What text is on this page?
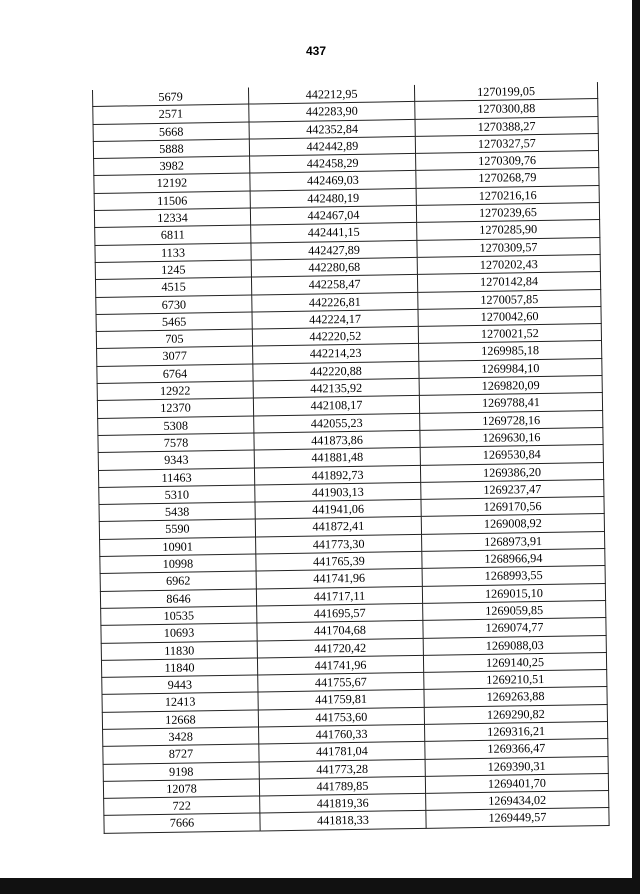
437
5679	442212,95	1270199,05
2571	442283,90	1270300,88
5668	442352,84	1270388,27
5888	442442,89	1270327,57
3982	442458,29	1270309,76
12192	442469,03	1270268,79
11506	442480,19	1270216,16
12334	442467,04	1270239,65
6811	442441,15	1270285,90
1133	442427,89	1270309,57
1245	442280,68	1270202,43
4515	442258,47	1270142,84
6730	442226,81	1270057,85
5465	442224,17	1270042,60
705	442220,52	1270021,52
3077	442214,23	1269985,18
6764	442220,88	1269984,10
12922	442135,92	1269820,09
12370	442108,17	1269788,41
5308	442055,23	1269728,16
7578	441873,86	1269630,16
9343	441881,48	1269530,84
11463	441892,73	1269386,20
5310	441903,13	1269237,47
5438	441941,06	1269170,56
5590	441872,41	1269008,92
10901	441773,30	1268973,91
10998	441765,39	1268966,94
6962	441741,96	1268993,55
8646	441717,11	1269015,10
10535	441695,57	1269059,85
10693	441704,68	1269074,77
11830	441720,42	1269088,03
11840	441741,96	1269140,25
9443	441755,67	1269210,51
12413	441759,81	1269263,88
12668	441753,60	1269290,82
3428	441760,33	1269316,21
8727	441781,04	1269366,47
9198	441773,28	1269390,31
12078	441789,85	1269401,70
722	441819,36	1269434,02
7666	441818,33	1269449,57
